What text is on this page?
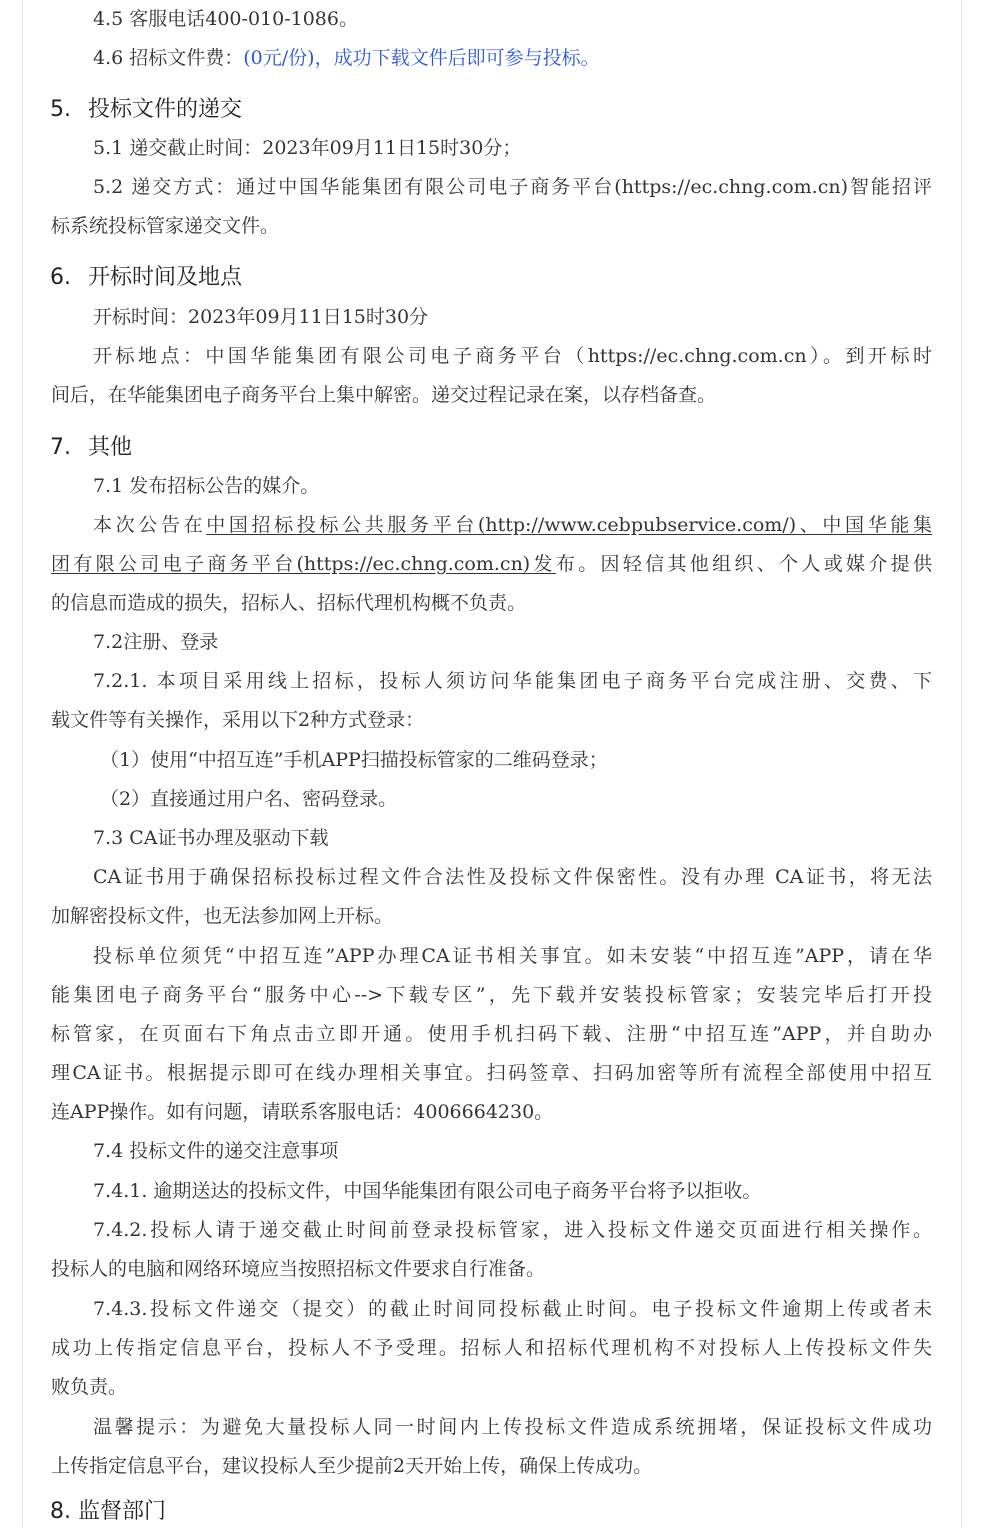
4.5 客服电话400-010-1086。
4.6 招标文件费：(0元/份)，成功下载文件后即可参与投标。
5. 投标文件的递交
5.1 递交截止时间：2023年09月11日15时30分；
5.2 递交方式：通过中国华能集团有限公司电子商务平台(https://ec.chng.com.cn)智能招评
标系统投标管家递交文件。
6. 开标时间及地点
开标时间：2023年09月11日15时30分
开标地点：中国华能集团有限公司电子商务平台（https://ec.chng.com.cn）。到开标时
间后，在华能集团电子商务平台上集中解密。递交过程记录在案，以存档备查。
7. 其他
7.1 发布招标公告的媒介。
本次公告在中国招标投标公共服务平台(http://www.cebpubservice.com/)、中国华能集
团有限公司电子商务平台(https://ec.chng.com.cn)发布。因轻信其他组织、个人或媒介提供
的信息而造成的损失，招标人、招标代理机构概不负责。
7.2注册、登录
7.2.1. 本项目采用线上招标，投标人须访问华能集团电子商务平台完成注册、交费、下
载文件等有关操作，采用以下2种方式登录：
（1）使用“中招互连”手机APP扫描投标管家的二维码登录；
（2）直接通过用户名、密码登录。
7.3 CA证书办理及驱动下载
CA证书用于确保招标投标过程文件合法性及投标文件保密性。没有办理 CA证书，将无法
加解密投标文件，也无法参加网上开标。
投标单位须凭“中招互连”APP办理CA证书相关事宜。如未安装“中招互连”APP，请在华
能集团电子商务平台“服务中心-->下载专区”，先下载并安装投标管家；安装完毕后打开投
标管家，在页面右下角点击立即开通。使用手机扫码下载、注册“中招互连”APP，并自助办
理CA证书。根据提示即可在线办理相关事宜。扫码签章、扫码加密等所有流程全部使用中招互
连APP操作。如有问题，请联系客服电话：4006664230。
7.4 投标文件的递交注意事项
7.4.1. 逾期送达的投标文件，中国华能集团有限公司电子商务平台将予以拒收。
7.4.2.投标人请于递交截止时间前登录投标管家，进入投标文件递交页面进行相关操作。
投标人的电脑和网络环境应当按照招标文件要求自行准备。
7.4.3.投标文件递交（提交）的截止时间同投标截止时间。电子投标文件逾期上传或者未
成功上传指定信息平台，投标人不予受理。招标人和招标代理机构不对投标人上传投标文件失
败负责。
温馨提示：为避免大量投标人同一时间内上传投标文件造成系统拥堵，保证投标文件成功
上传指定信息平台，建议投标人至少提前2天开始上传，确保上传成功。
8. 监督部门
